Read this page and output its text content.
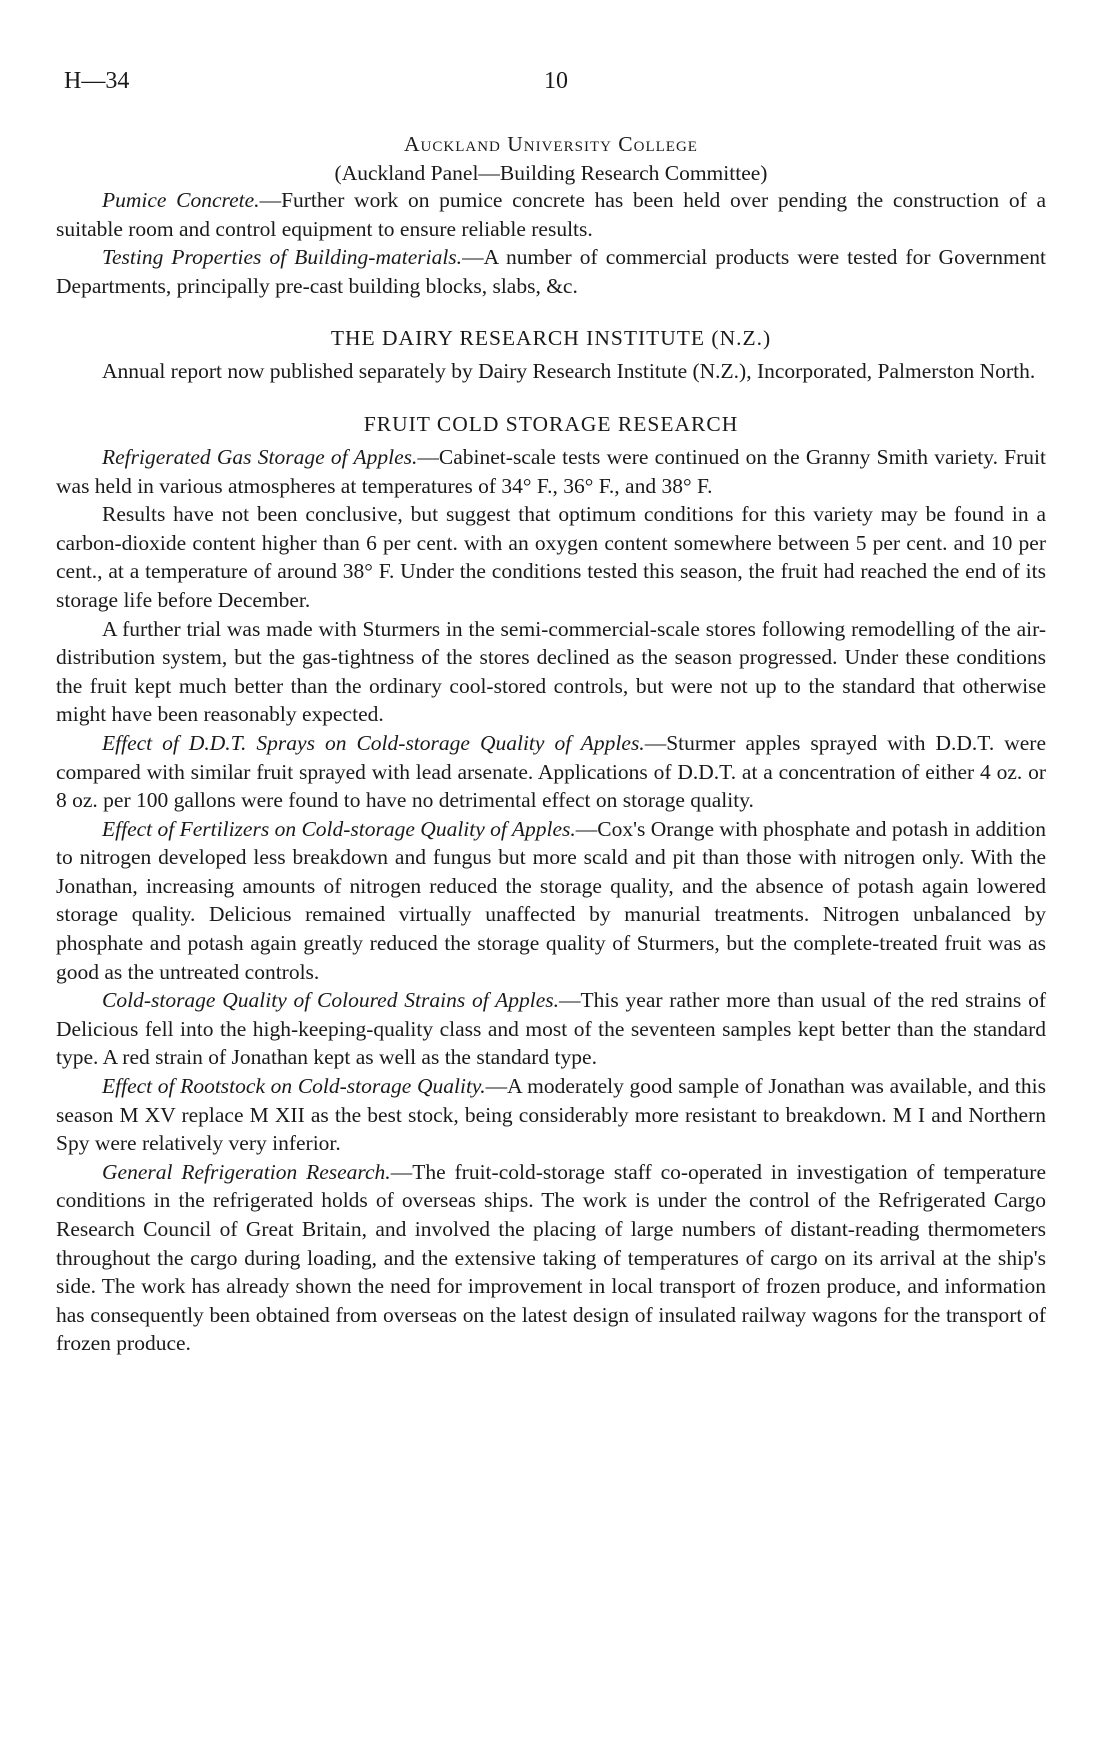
H—34	10
Auckland University College
(Auckland Panel—Building Research Committee)

Pumice Concrete.—Further work on pumice concrete has been held over pending the construction of a suitable room and control equipment to ensure reliable results.

Testing Properties of Building-materials.—A number of commercial products were tested for Government Departments, principally pre-cast building blocks, slabs, &c.

THE DAIRY RESEARCH INSTITUTE (N.Z.)

Annual report now published separately by Dairy Research Institute (N.Z.), Incorporated, Palmerston North.

FRUIT COLD STORAGE RESEARCH

Refrigerated Gas Storage of Apples.—Cabinet-scale tests were continued on the Granny Smith variety. Fruit was held in various atmospheres at temperatures of 34° F., 36° F., and 38° F.

Results have not been conclusive, but suggest that optimum conditions for this variety may be found in a carbon-dioxide content higher than 6 per cent. with an oxygen content somewhere between 5 per cent. and 10 per cent., at a temperature of around 38° F. Under the conditions tested this season, the fruit had reached the end of its storage life before December.

A further trial was made with Sturmers in the semi-commercial-scale stores following remodelling of the air-distribution system, but the gas-tightness of the stores declined as the season progressed. Under these conditions the fruit kept much better than the ordinary cool-stored controls, but were not up to the standard that otherwise might have been reasonably expected.

Effect of D.D.T. Sprays on Cold-storage Quality of Apples.—Sturmer apples sprayed with D.D.T. were compared with similar fruit sprayed with lead arsenate. Applications of D.D.T. at a concentration of either 4 oz. or 8 oz. per 100 gallons were found to have no detrimental effect on storage quality.

Effect of Fertilizers on Cold-storage Quality of Apples.—Cox's Orange with phosphate and potash in addition to nitrogen developed less breakdown and fungus but more scald and pit than those with nitrogen only. With the Jonathan, increasing amounts of nitrogen reduced the storage quality, and the absence of potash again lowered storage quality. Delicious remained virtually unaffected by manurial treatments. Nitrogen unbalanced by phosphate and potash again greatly reduced the storage quality of Sturmers, but the complete-treated fruit was as good as the untreated controls.

Cold-storage Quality of Coloured Strains of Apples.—This year rather more than usual of the red strains of Delicious fell into the high-keeping-quality class and most of the seventeen samples kept better than the standard type. A red strain of Jonathan kept as well as the standard type.

Effect of Rootstock on Cold-storage Quality.—A moderately good sample of Jonathan was available, and this season M XV replace M XII as the best stock, being considerably more resistant to breakdown. M I and Northern Spy were relatively very inferior.

General Refrigeration Research.—The fruit-cold-storage staff co-operated in investigation of temperature conditions in the refrigerated holds of overseas ships. The work is under the control of the Refrigerated Cargo Research Council of Great Britain, and involved the placing of large numbers of distant-reading thermometers throughout the cargo during loading, and the extensive taking of temperatures of cargo on its arrival at the ship's side. The work has already shown the need for improvement in local transport of frozen produce, and information has consequently been obtained from overseas on the latest design of insulated railway wagons for the transport of frozen produce.
